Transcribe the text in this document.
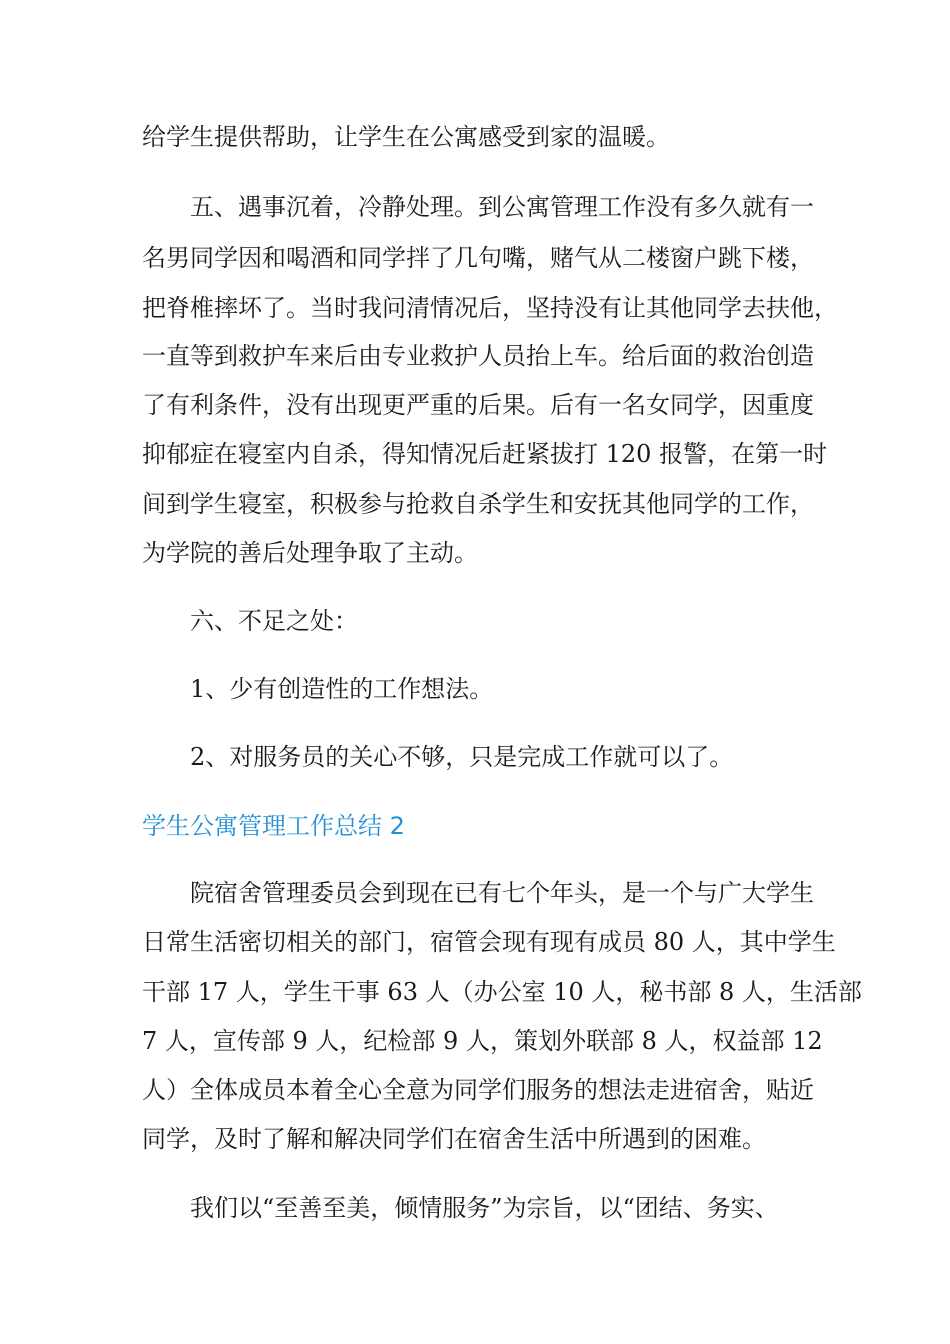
给学生提供帮助，让学生在公寓感受到家的温暖。
五、遇事沉着，冷静处理。到公寓管理工作没有多久就有一
名男同学因和喝酒和同学拌了几句嘴，赌气从二楼窗户跳下楼，
把脊椎摔坏了。当时我问清情况后，坚持没有让其他同学去扶他，
一直等到救护车来后由专业救护人员抬上车。给后面的救治创造
了有利条件，没有出现更严重的后果。后有一名女同学，因重度
抑郁症在寝室内自杀，得知情况后赶紧拔打 120 报警，在第一时
间到学生寝室，积极参与抢救自杀学生和安抚其他同学的工作，
为学院的善后处理争取了主动。
六、不足之处：
1、少有创造性的工作想法。
2、对服务员的关心不够，只是完成工作就可以了。
学生公寓管理工作总结 2
院宿舍管理委员会到现在已有七个年头，是一个与广大学生
日常生活密切相关的部门，宿管会现有现有成员 80 人，其中学生
干部 17 人，学生干事 63 人（办公室 10 人，秘书部 8 人，生活部
7 人，宣传部 9 人，纪检部 9 人，策划外联部 8 人，权益部 12
人）全体成员本着全心全意为同学们服务的想法走进宿舍，贴近
同学，及时了解和解决同学们在宿舍生活中所遇到的困难。
我们以“至善至美，倾情服务”为宗旨，以“团结、务实、
